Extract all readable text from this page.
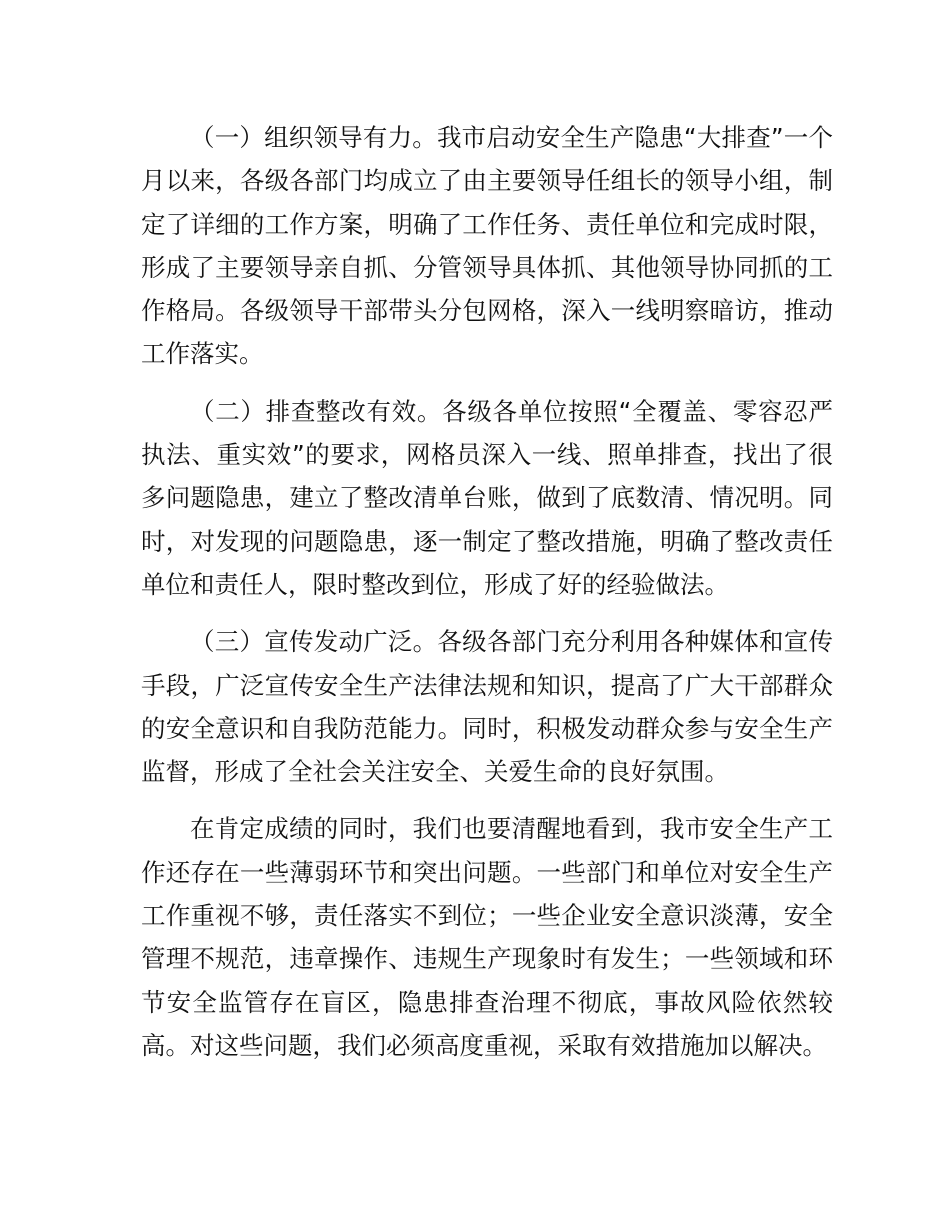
（一）组织领导有力。我市启动安全生产隐患“大排查”一个月以来，各级各部门均成立了由主要领导任组长的领导小组，制定了详细的工作方案，明确了工作任务、责任单位和完成时限，形成了主要领导亲自抓、分管领导具体抓、其他领导协同抓的工作格局。各级领导干部带头分包网格，深入一线明察暗访，推动工作落实。

（二）排查整改有效。各级各单位按照“全覆盖、零容忍严执法、重实效”的要求，网格员深入一线、照单排查，找出了很多问题隐患，建立了整改清单台账，做到了底数清、情况明。同时，对发现的问题隐患，逐一制定了整改措施，明确了整改责任单位和责任人，限时整改到位，形成了好的经验做法。

（三）宣传发动广泛。各级各部门充分利用各种媒体和宣传手段，广泛宣传安全生产法律法规和知识，提高了广大干部群众的安全意识和自我防范能力。同时，积极发动群众参与安全生产监督，形成了全社会关注安全、关爱生命的良好氛围。

在肯定成绩的同时，我们也要清醒地看到，我市安全生产工作还存在一些薄弱环节和突出问题。一些部门和单位对安全生产工作重视不够，责任落实不到位；一些企业安全意识淡薄，安全管理不规范，违章操作、违规生产现象时有发生；一些领域和环节安全监管存在盲区，隐患排查治理不彻底，事故风险依然较高。对这些问题，我们必须高度重视，采取有效措施加以解决。
